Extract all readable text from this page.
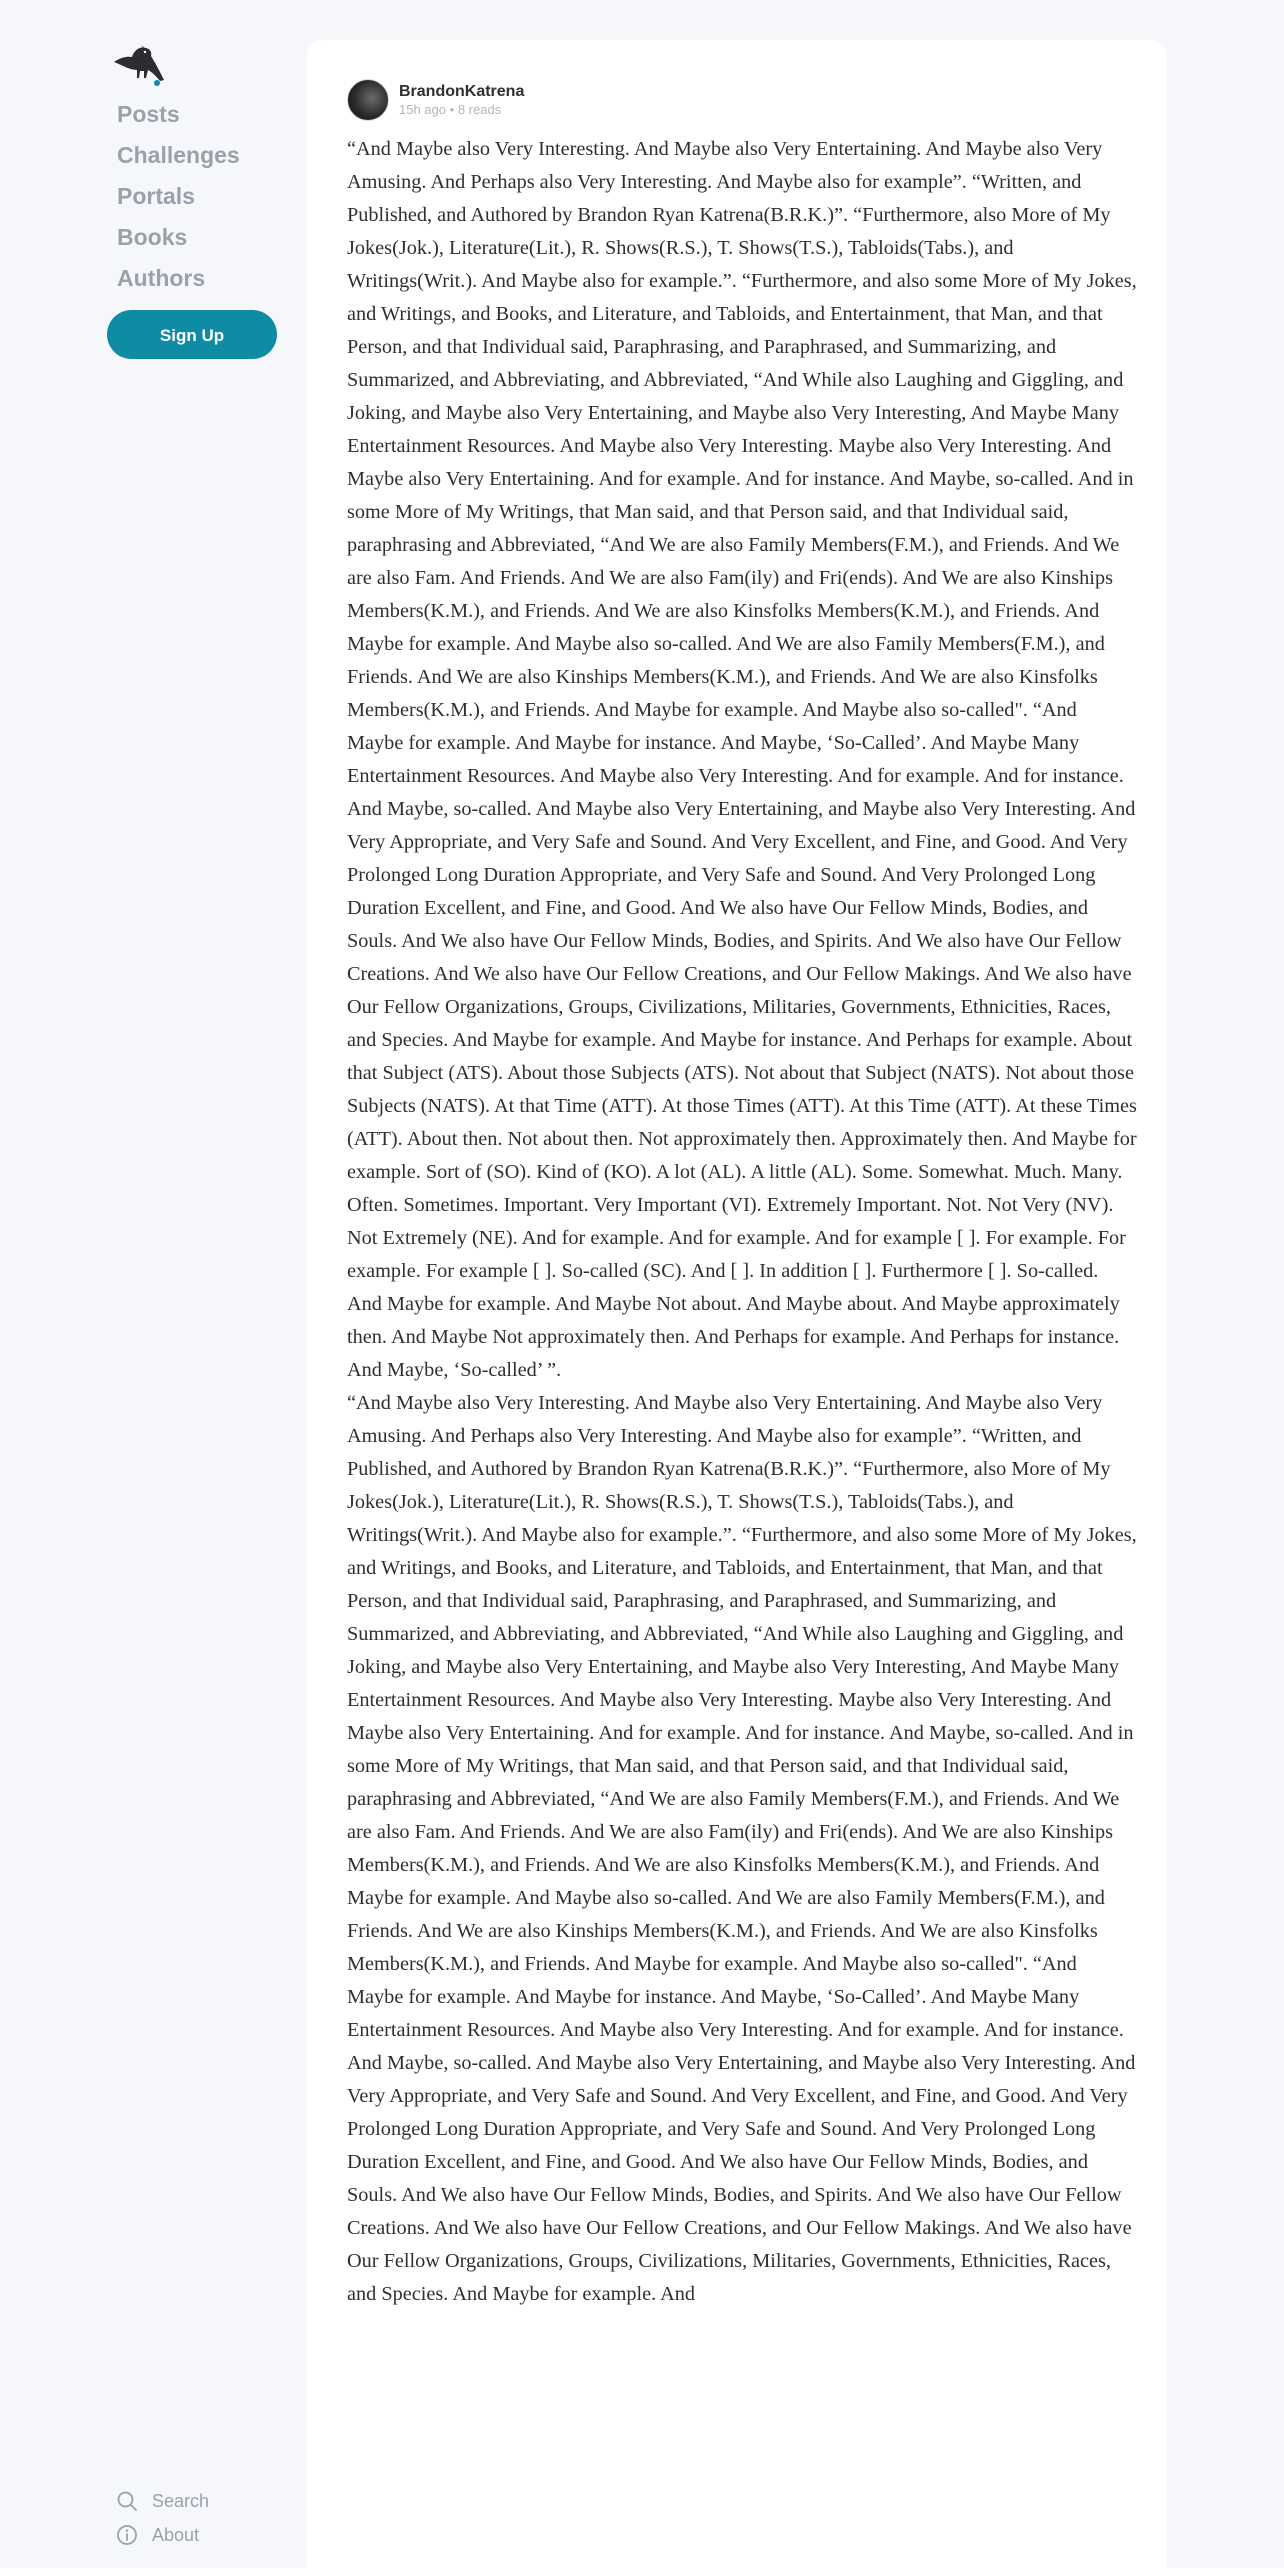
Posts
Challenges
Portals
Books
Authors
Sign Up
Search
About
BrandonKatrena
15h ago • 8 reads

“And Maybe also Very Interesting. And Maybe also Very Entertaining. And Maybe also Very Amusing. And Perhaps also Very Interesting. And Maybe also for example”. “Written, and Published, and Authored by Brandon Ryan Katrena(B.R.K.)”. “Furthermore, also More of My Jokes(Jok.), Literature(Lit.), R. Shows(R.S.), T. Shows(T.S.), Tabloids(Tabs.), and Writings(Writ.). And Maybe also for example.”. “Furthermore, and also some More of My Jokes, and Writings, and Books, and Literature, and Tabloids, and Entertainment, that Man, and that Person, and that Individual said, Paraphrasing, and Paraphrased, and Summarizing, and Summarized, and Abbreviating, and Abbreviated, “And While also Laughing and Giggling, and Joking, and Maybe also Very Entertaining, and Maybe also Very Interesting, And Maybe Many Entertainment Resources. And Maybe also Very Interesting. Maybe also Very Interesting. And Maybe also Very Entertaining. And for example. And for instance. And Maybe, so-called. And in some More of My Writings, that Man said, and that Person said, and that Individual said, paraphrasing and Abbreviated, “And We are also Family Members(F.M.), and Friends. And We are also Fam. And Friends. And We are also Fam(ily) and Fri(ends). And We are also Kinships Members(K.M.), and Friends. And We are also Kinsfolks Members(K.M.), and Friends. And Maybe for example. And Maybe also so-called. And We are also Family Members(F.M.), and Friends. And We are also Kinships Members(K.M.), and Friends. And We are also Kinsfolks Members(K.M.), and Friends. And Maybe for example. And Maybe also so-called". “And Maybe for example. And Maybe for instance. And Maybe, ‘So-Called’. And Maybe Many Entertainment Resources. And Maybe also Very Interesting. And for example. And for instance. And Maybe, so-called. And Maybe also Very Entertaining, and Maybe also Very Interesting. And Very Appropriate, and Very Safe and Sound. And Very Excellent, and Fine, and Good. And Very Prolonged Long Duration Appropriate, and Very Safe and Sound. And Very Prolonged Long Duration Excellent, and Fine, and Good. And We also have Our Fellow Minds, Bodies, and Souls. And We also have Our Fellow Minds, Bodies, and Spirits. And We also have Our Fellow Creations. And We also have Our Fellow Creations, and Our Fellow Makings. And We also have Our Fellow Organizations, Groups, Civilizations, Militaries, Governments, Ethnicities, Races, and Species. And Maybe for example. And Maybe for instance. And Perhaps for example. About that Subject (ATS). About those Subjects (ATS). Not about that Subject (NATS). Not about those Subjects (NATS). At that Time (ATT). At those Times (ATT). At this Time (ATT). At these Times (ATT). About then. Not about then. Not approximately then. Approximately then. And Maybe for example. Sort of (SO). Kind of (KO). A lot (AL). A little (AL). Some. Somewhat. Much. Many. Often. Sometimes. Important. Very Important (VI). Extremely Important. Not. Not Very (NV). Not Extremely (NE). And for example. And for example. And for example [ ]. For example. For example. For example [ ]. So-called (SC). And [ ]. In addition [ ]. Furthermore [ ]. So-called. And Maybe for example. And Maybe Not about. And Maybe about. And Maybe approximately then. And Maybe Not approximately then. And Perhaps for example. And Perhaps for instance. And Maybe, ‘So-called’ ”.

“And Maybe also Very Interesting. And Maybe also Very Entertaining. And Maybe also Very Amusing. And Perhaps also Very Interesting. And Maybe also for example”. “Written, and Published, and Authored by Brandon Ryan Katrena(B.R.K.)”. “Furthermore, also More of My Jokes(Jok.), Literature(Lit.), R. Shows(R.S.), T. Shows(T.S.), Tabloids(Tabs.), and Writings(Writ.). And Maybe also for example.”. “Furthermore, and also some More of My Jokes, and Writings, and Books, and Literature, and Tabloids, and Entertainment, that Man, and that Person, and that Individual said, Paraphrasing, and Paraphrased, and Summarizing, and Summarized, and Abbreviating, and Abbreviated, “And While also Laughing and Giggling, and Joking, and Maybe also Very Entertaining, and Maybe also Very Interesting, And Maybe Many Entertainment Resources. And Maybe also Very Interesting. Maybe also Very Interesting. And Maybe also Very Entertaining. And for example. And for instance. And Maybe, so-called. And in some More of My Writings, that Man said, and that Person said, and that Individual said, paraphrasing and Abbreviated, “And We are also Family Members(F.M.), and Friends. And We are also Fam. And Friends. And We are also Fam(ily) and Fri(ends). And We are also Kinships Members(K.M.), and Friends. And We are also Kinsfolks Members(K.M.), and Friends. And Maybe for example. And Maybe also so-called. And We are also Family Members(F.M.), and Friends. And We are also Kinships Members(K.M.), and Friends. And We are also Kinsfolks Members(K.M.), and Friends. And Maybe for example. And Maybe also so-called". “And Maybe for example. And Maybe for instance. And Maybe, ‘So-Called’. And Maybe Many Entertainment Resources. And Maybe also Very Interesting. And for example. And for instance. And Maybe, so-called. And Maybe also Very Entertaining, and Maybe also Very Interesting. And Very Appropriate, and Very Safe and Sound. And Very Excellent, and Fine, and Good. And Very Prolonged Long Duration Appropriate, and Very Safe and Sound. And Very Prolonged Long Duration Excellent, and Fine, and Good. And We also have Our Fellow Minds, Bodies, and Souls. And We also have Our Fellow Minds, Bodies, and Spirits. And We also have Our Fellow Creations. And We also have Our Fellow Creations, and Our Fellow Makings. And We also have Our Fellow Organizations, Groups, Civilizations, Militaries, Governments, Ethnicities, Races, and Species. And Maybe for example. And
